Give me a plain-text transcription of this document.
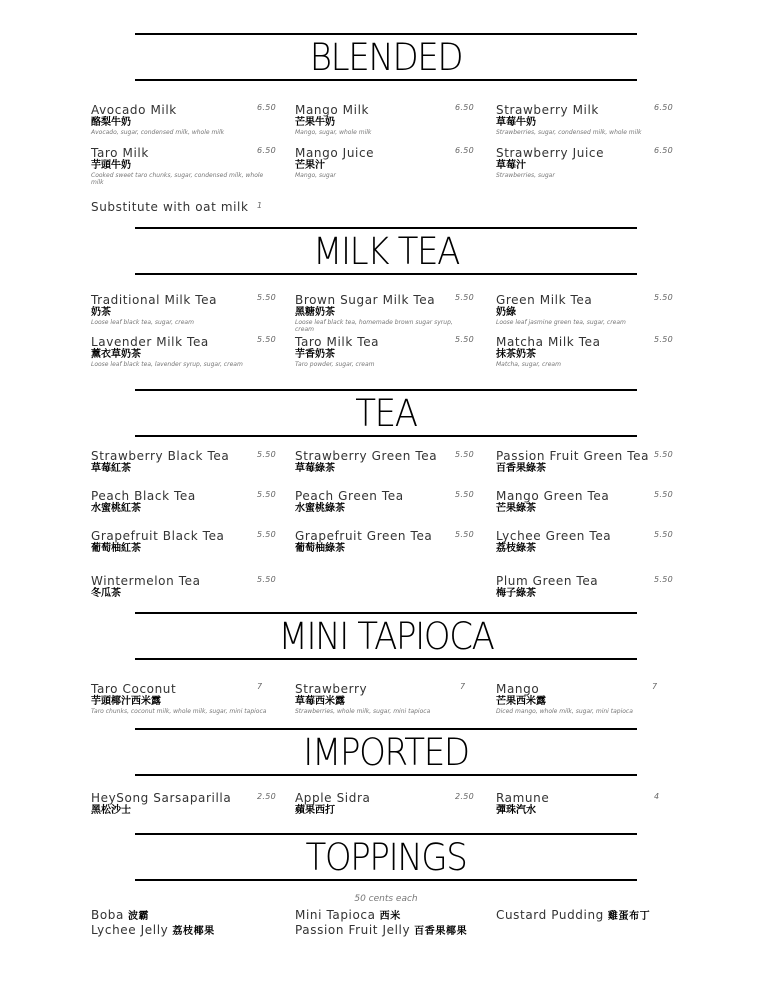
BLENDED
Avocado Milk
酪梨牛奶
Avocado, sugar, condensed milk, whole milk
6.50 Mango Milk
芒果牛奶
Mango, sugar, whole milk
6.50 Strawberry Milk
草莓牛奶
Strawberries, sugar, condensed milk, whole milk
6.50
Taro Milk
芋頭牛奶
Cooked sweet taro chunks, sugar, condensed milk, whole milk
6.50 Mango Juice
芒果汁
Mango, sugar
6.50 Strawberry Juice
草莓汁
Strawberries, sugar
6.50
Substitute with oat milk 1
MILK TEA
Traditional Milk Tea
奶茶
Loose leaf black tea, sugar, cream
5.50 Brown Sugar Milk Tea
黑糖奶茶
Loose leaf black tea, homemade brown sugar syrup, cream
5.50 Green Milk Tea
奶綠
Loose leaf jasmine green tea, sugar, cream
5.50
Lavender Milk Tea
薰衣草奶茶
Loose leaf black tea, lavender syrup, sugar, cream
5.50 Taro Milk Tea
芋香奶茶
Taro powder, sugar, cream
5.50 Matcha Milk Tea
抹茶奶茶
Matcha, sugar, cream
5.50
TEA
Strawberry Black Tea
草莓紅茶
5.50 Strawberry Green Tea
草莓綠茶
5.50 Passion Fruit Green Tea
百香果綠茶
5.50
Peach Black Tea
水蜜桃紅茶
5.50 Peach Green Tea
水蜜桃綠茶
5.50 Mango Green Tea
芒果綠茶
5.50
Grapefruit Black Tea
葡萄柚紅茶
5.50 Grapefruit Green Tea
葡萄柚綠茶
5.50 Lychee Green Tea
荔枝綠茶
5.50
Wintermelon Tea
冬瓜茶
5.50	Plum Green Tea
梅子綠茶
5.50
MINI TAPIOCA
Taro Coconut
芋頭椰汁西米露
Taro chunks, coconut milk, whole milk, sugar, mini tapioca
7	Strawberry
草莓西米露
Strawberries, whole milk, sugar, mini tapioca
7	Mango
芒果西米露
Diced mango, whole milk, sugar, mini tapioca
7
IMPORTED
HeySong Sarsaparilla
黑松沙士
2.50 Apple Sidra
蘋果西打
2.50 Ramune
彈珠汽水
4
TOPPINGS
50 cents each
Boba 波霸
Lychee Jelly 荔枝椰果
Mini Tapioca 西米
Passion Fruit Jelly 百香果椰果
Custard Pudding 雞蛋布丁
